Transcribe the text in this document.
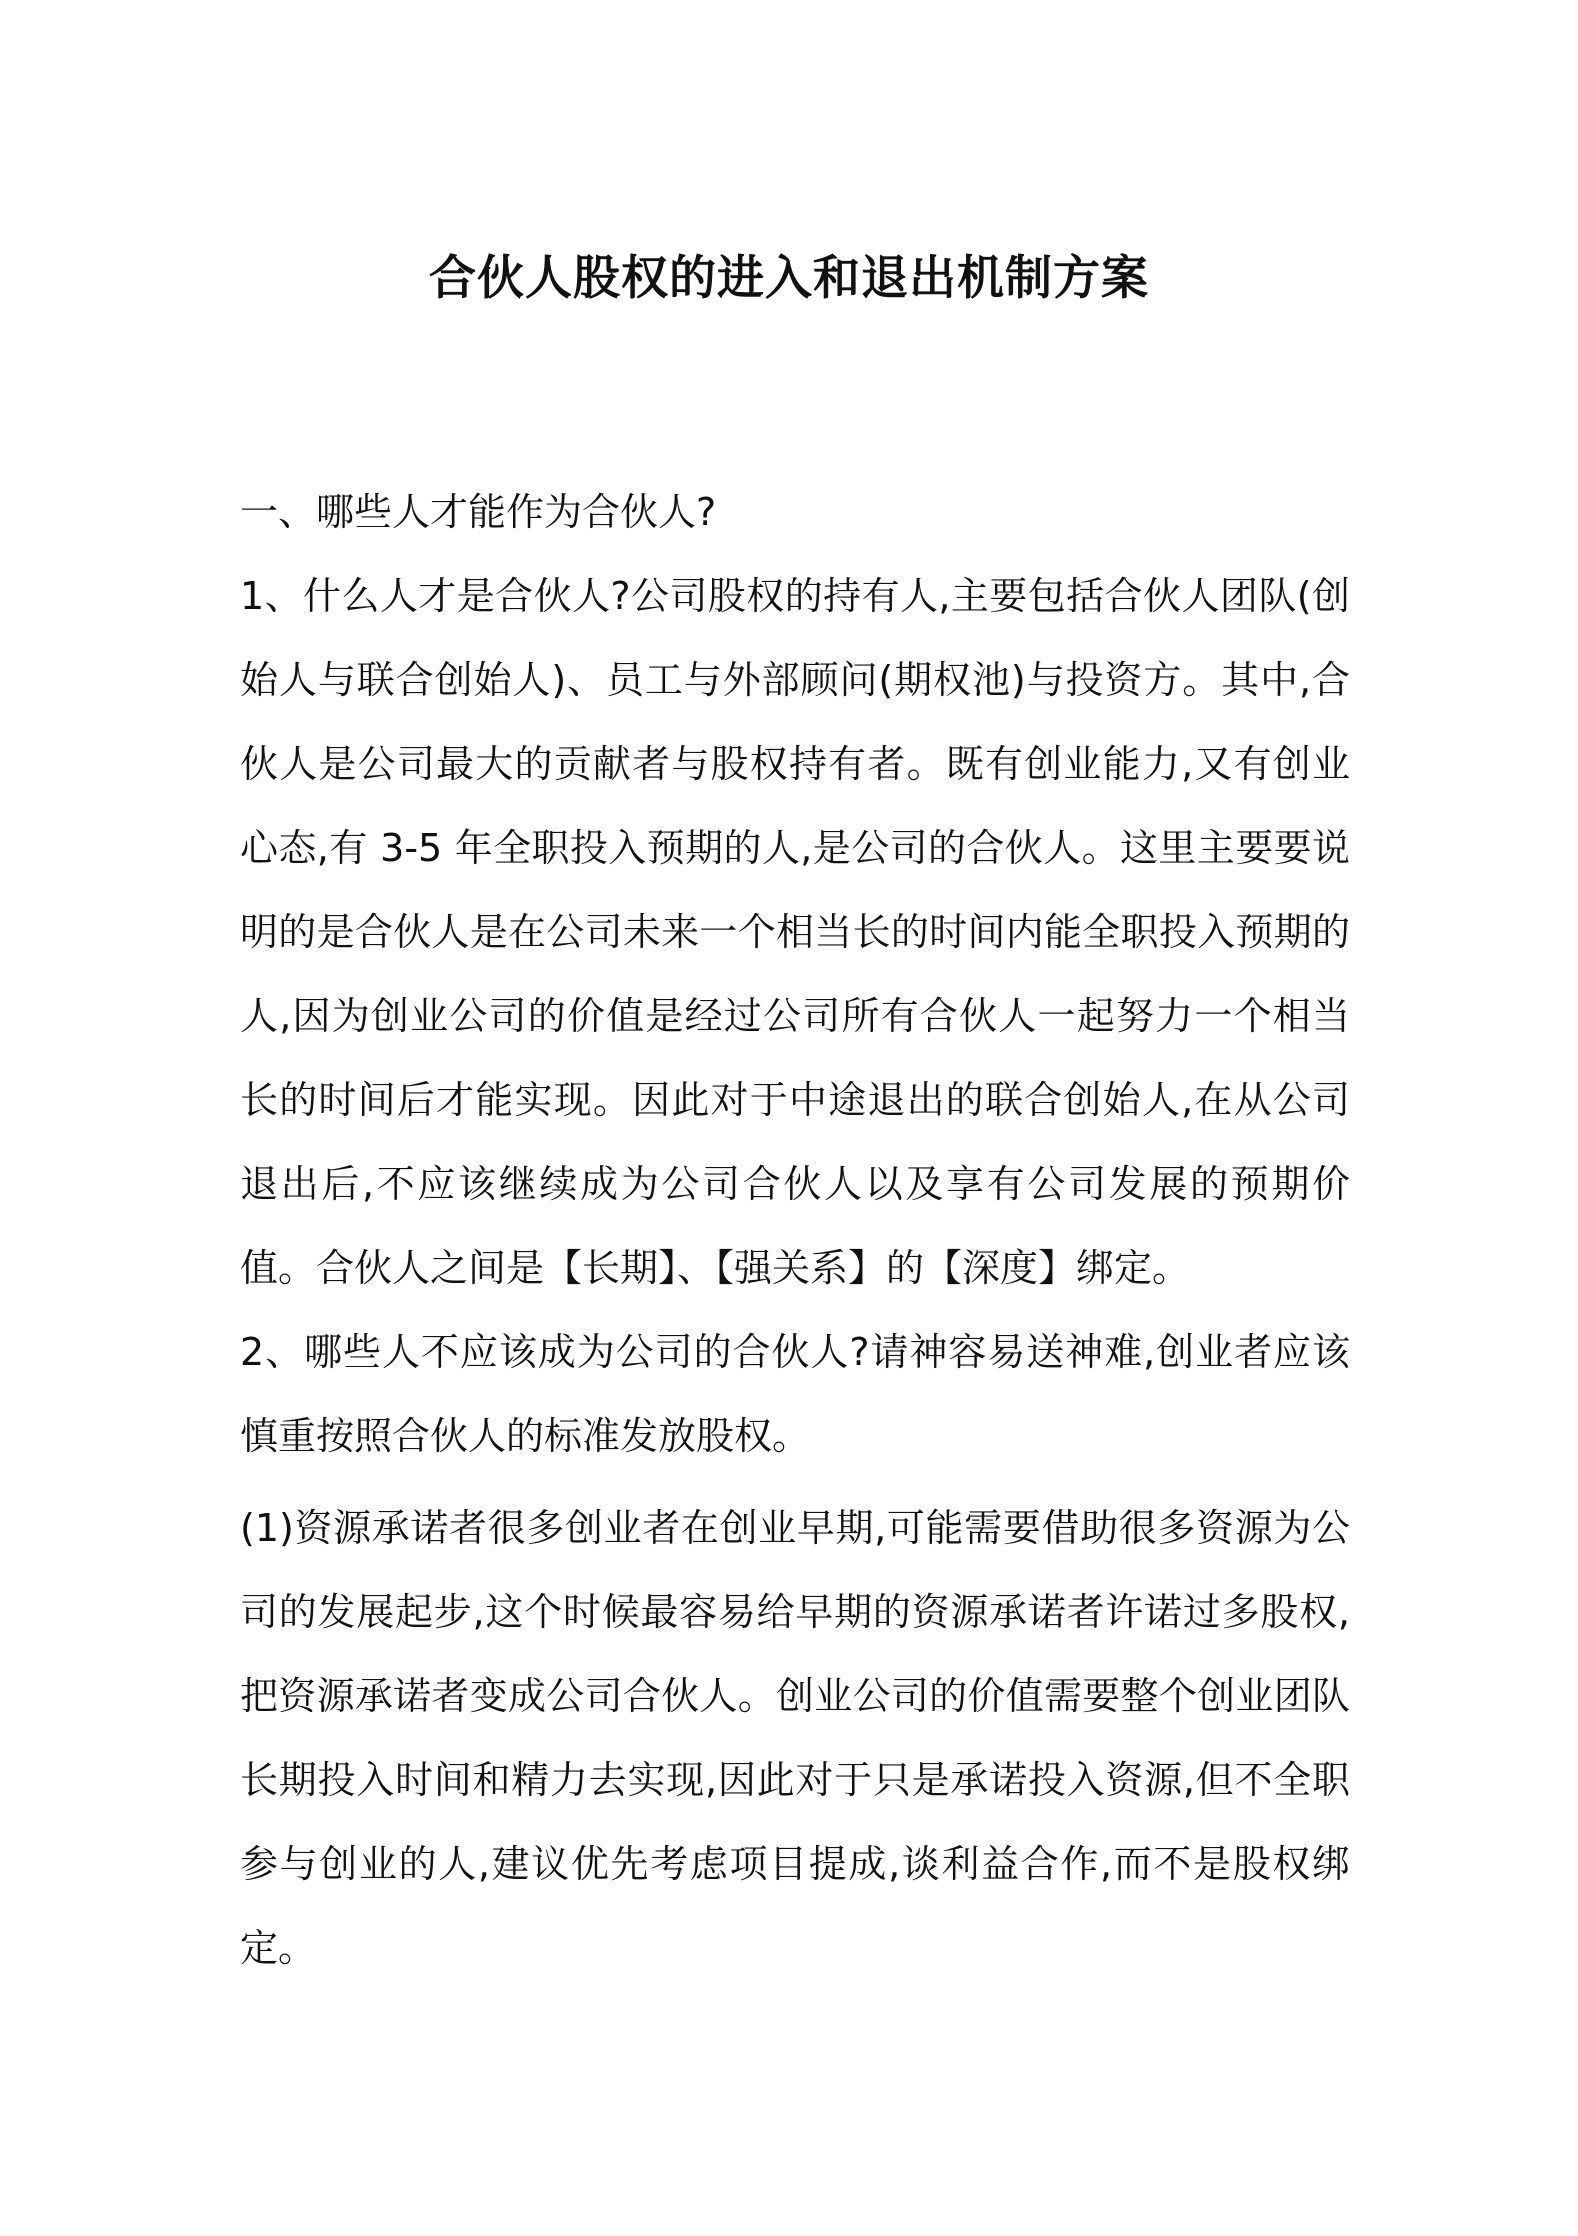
合伙人股权的进入和退出机制方案

一、哪些人才能作为合伙人?

1、什么人才是合伙人?公司股权的持有人,主要包括合伙人团队(创始人与联合创始人)、员工与外部顾问(期权池)与投资方。其中,合伙人是公司最大的贡献者与股权持有者。既有创业能力,又有创业心态,有 3-5 年全职投入预期的人,是公司的合伙人。这里主要要说明的是合伙人是在公司未来一个相当长的时间内能全职投入预期的人,因为创业公司的价值是经过公司所有合伙人一起努力一个相当长的时间后才能实现。因此对于中途退出的联合创始人,在从公司退出后,不应该继续成为公司合伙人以及享有公司发展的预期价值。合伙人之间是【长期】、【强关系】的【深度】绑定。

2、哪些人不应该成为公司的合伙人?请神容易送神难,创业者应该慎重按照合伙人的标准发放股权。

(1)资源承诺者很多创业者在创业早期,可能需要借助很多资源为公司的发展起步,这个时候最容易给早期的资源承诺者许诺过多股权,把资源承诺者变成公司合伙人。创业公司的价值需要整个创业团队长期投入时间和精力去实现,因此对于只是承诺投入资源,但不全职参与创业的人,建议优先考虑项目提成,谈利益合作,而不是股权绑定。
